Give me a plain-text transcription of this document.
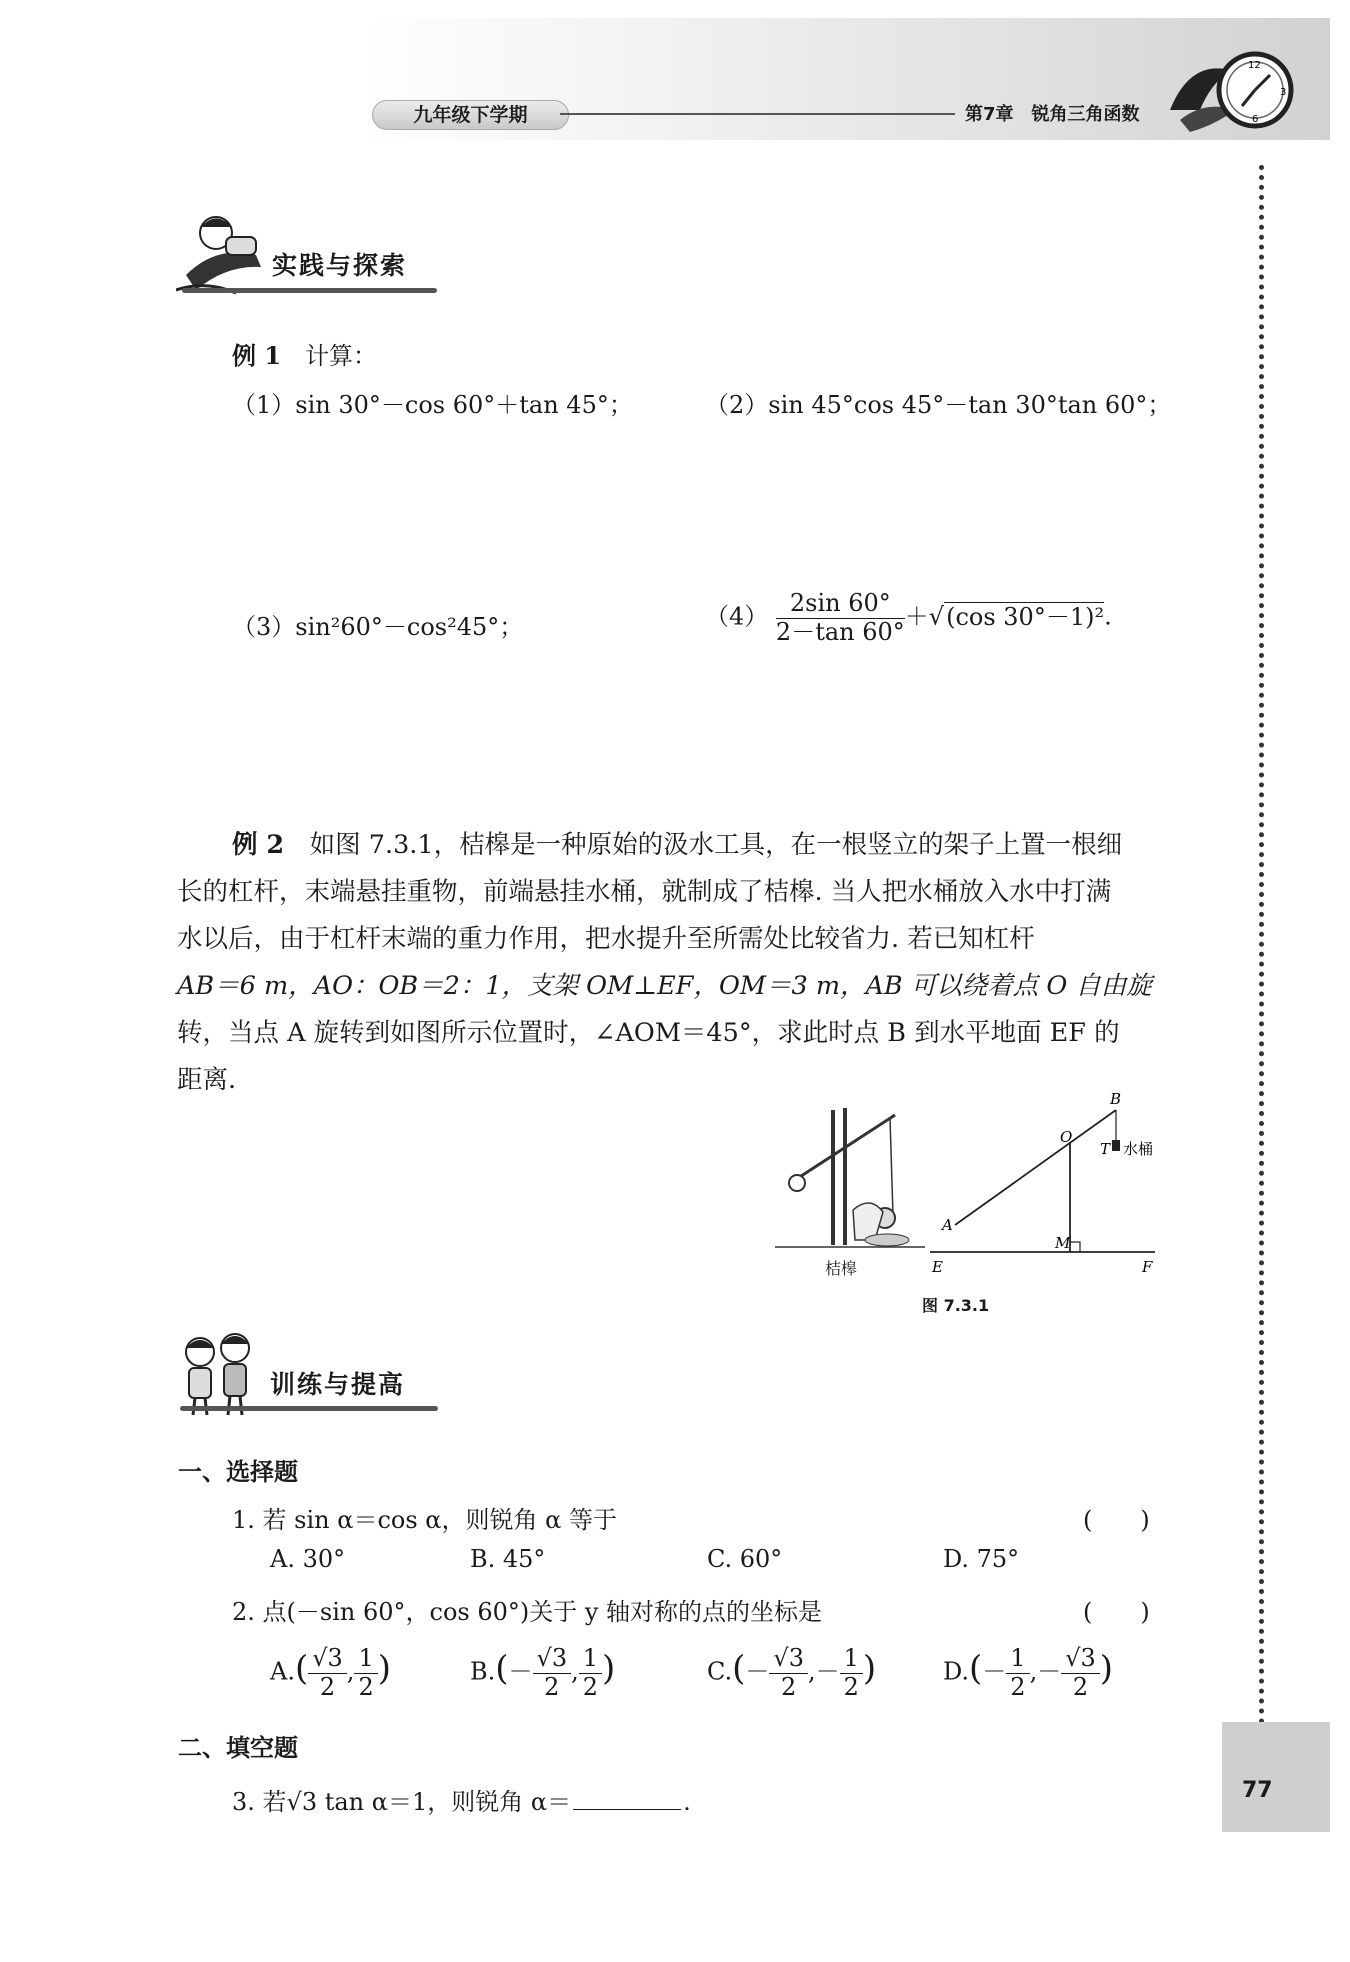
九年级下学期	第7章　锐角三角函数
12
3
6
实践与探索
例 1　 计算：
（1）sin 30°－cos 60°＋tan 45°；	（2）sin 45°cos 45°－tan 30°tan 60°；
（3）sin²60°－cos²45°；	$(4) \frac{2\sin 60^\circ}{2-\tan 60^\circ} +√(\cos$ 30°－1)².
例 2　 如图 7.3.1，桔槔是一种原始的汲水工具，在一根竖立的架子上置一根细
长的杠杆，末端悬挂重物，前端悬挂水桶，就制成了桔槔. 当人把水桶放入水中打满
水以后，由于杠杆末端的重力作用，把水提升至所需处比较省力. 若已知杠杆
AB＝6 m，AO：OB＝2：1，支架 OM⊥EF，OM＝3 m，AB 可以绕着点 O 自由旋
转，当点 A 旋转到如图所示位置时，∠AOM＝45°，求此时点 B 到水平地面 EF 的
距离.
桔槔
B
O
T 水桶
A
M
E	F
图 7.3.1
训练与提高
一、选择题
1. 若 sin α＝cos α，则锐角 α 等于	(　　)
A. 30°	B. 45°	C. 60°	D. 75°
2. 点(－sin 60°，cos 60°)关于 y 轴对称的点的坐标是	(　　)
$A.( \frac{√3}{2}$ , $\frac{1}{2}$ )	$B.(- \frac{√3}{2}$ , $\frac{1}{2}$ )	$C.(- \frac{√3}{2}$ ,－ $\frac{1}{2}$ )	$D.(- \frac{1}{2}$ ,－ $\frac{√3}{2}$ )
二、填空题
3. 若√3 tan α＝1，则锐角 α＝	.	77
